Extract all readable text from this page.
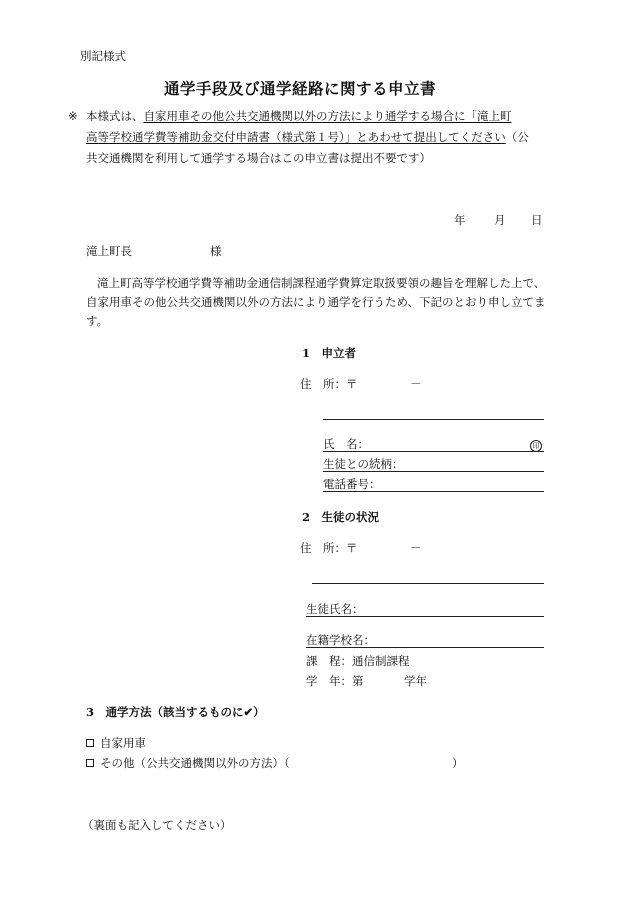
別記様式
通学手段及び通学経路に関する申立書
※ 本様式は、自家用車その他公共交通機関以外の方法により通学する場合に「滝上町
高等学校通学費等補助金交付申請書（様式第１号）」とあわせて提出してください（公
共交通機関を利用して通学する場合はこの申立書は提出不要です）
年 月 日
滝上町長	様
滝上町高等学校通学費等補助金通信制課程通学費算定取扱要領の趣旨を理解した上で、自家用車その他公共交通機関以外の方法により通学を行うため、下記のとおり申し立てます。
1　申立者
住　所：〒	－
氏　名：	印
生徒との続柄：
電話番号：
2　生徒の状況
住　所：〒	－
生徒氏名：
在籍学校名：
課　程：通信制課程
学　年：第	学年
3　通学方法（該当するものに✔）
自家用車
その他（公共交通機関以外の方法）（	）
（裏面も記入してください）
